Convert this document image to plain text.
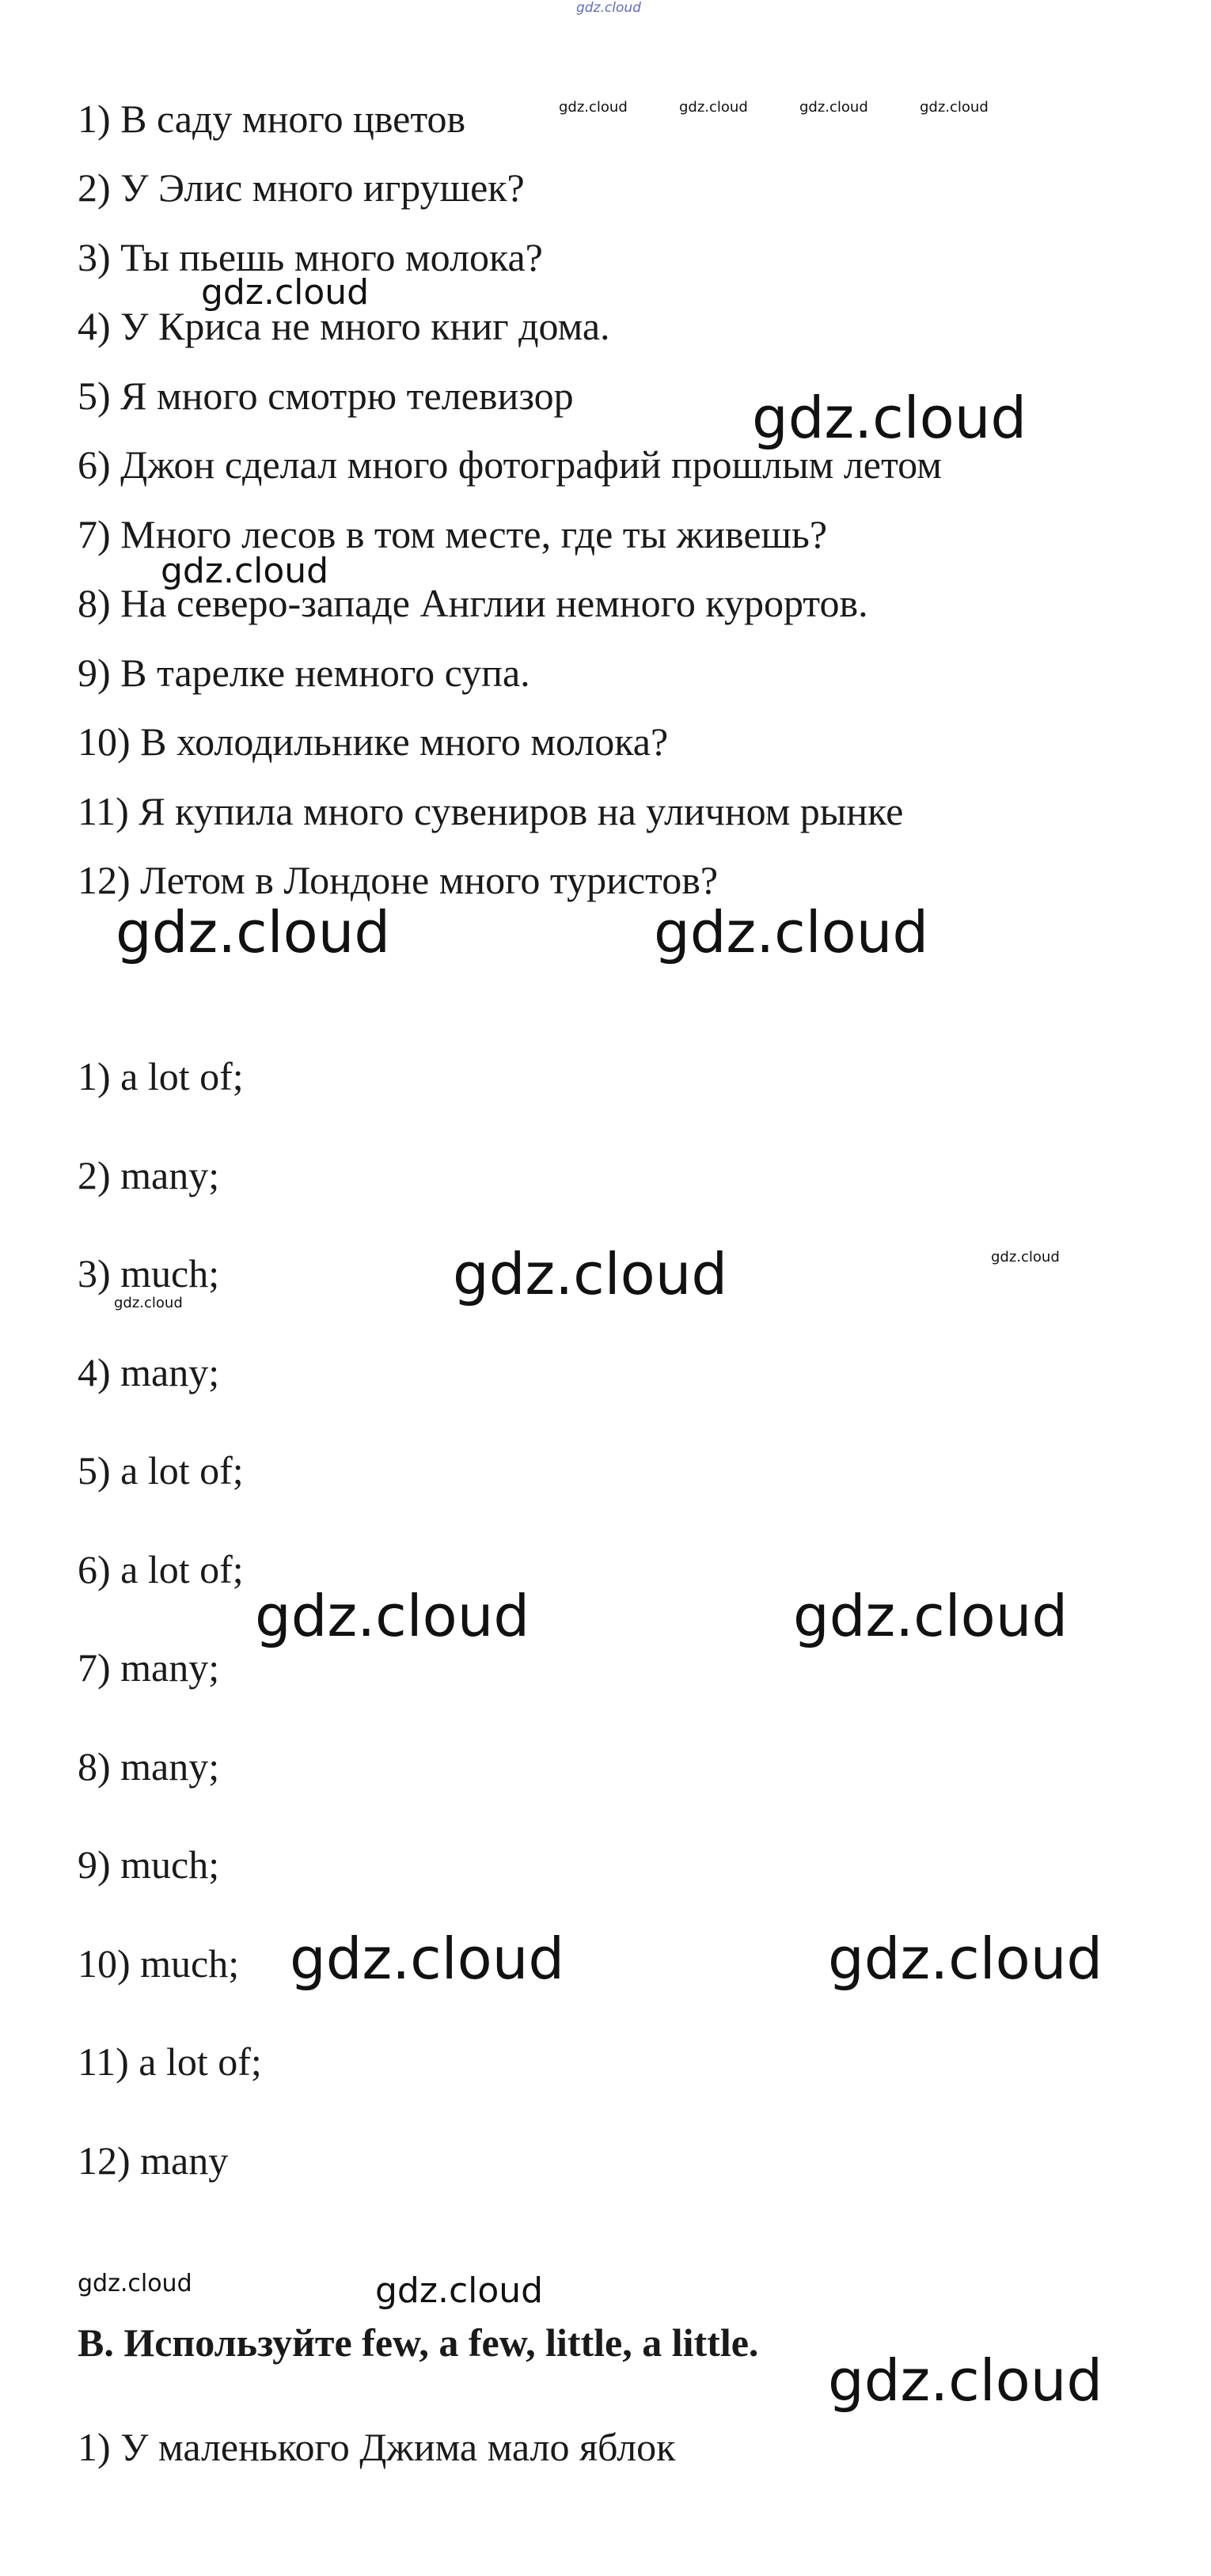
gdz.cloud
1) В саду много цветов
2) У Элис много игрушек?
3) Ты пьешь много молока?
4) У Криса не много книг дома.
5) Я много смотрю телевизор
6) Джон сделал много фотографий прошлым летом
7) Много лесов в том месте, где ты живешь?
8) На северо-западе Англии немного курортов.
9) В тарелке немного супа.
10) В холодильнике много молока?
11) Я купила много сувениров на уличном рынке
12) Летом в Лондоне много туристов?
1) a lot of;
2) many;
3) much;
4) many;
5) a lot of;
6) a lot of;
7) many;
8) many;
9) much;
10) much;
11) a lot of;
12) many
B. Используйте few, a few, little, a little.
1) У маленького Джима мало яблок
gdz.cloud	gdz.cloud	gdz.cloud	gdz.cloud
gdz.cloud
gdz.cloud
gdz.cloud
gdz.cloud	gdz.cloud
gdz.cloud	gdz.cloud
gdz.cloud
gdz.cloud	gdz.cloud
gdz.cloud	gdz.cloud
gdz.cloud	gdz.cloud
gdz.cloud
